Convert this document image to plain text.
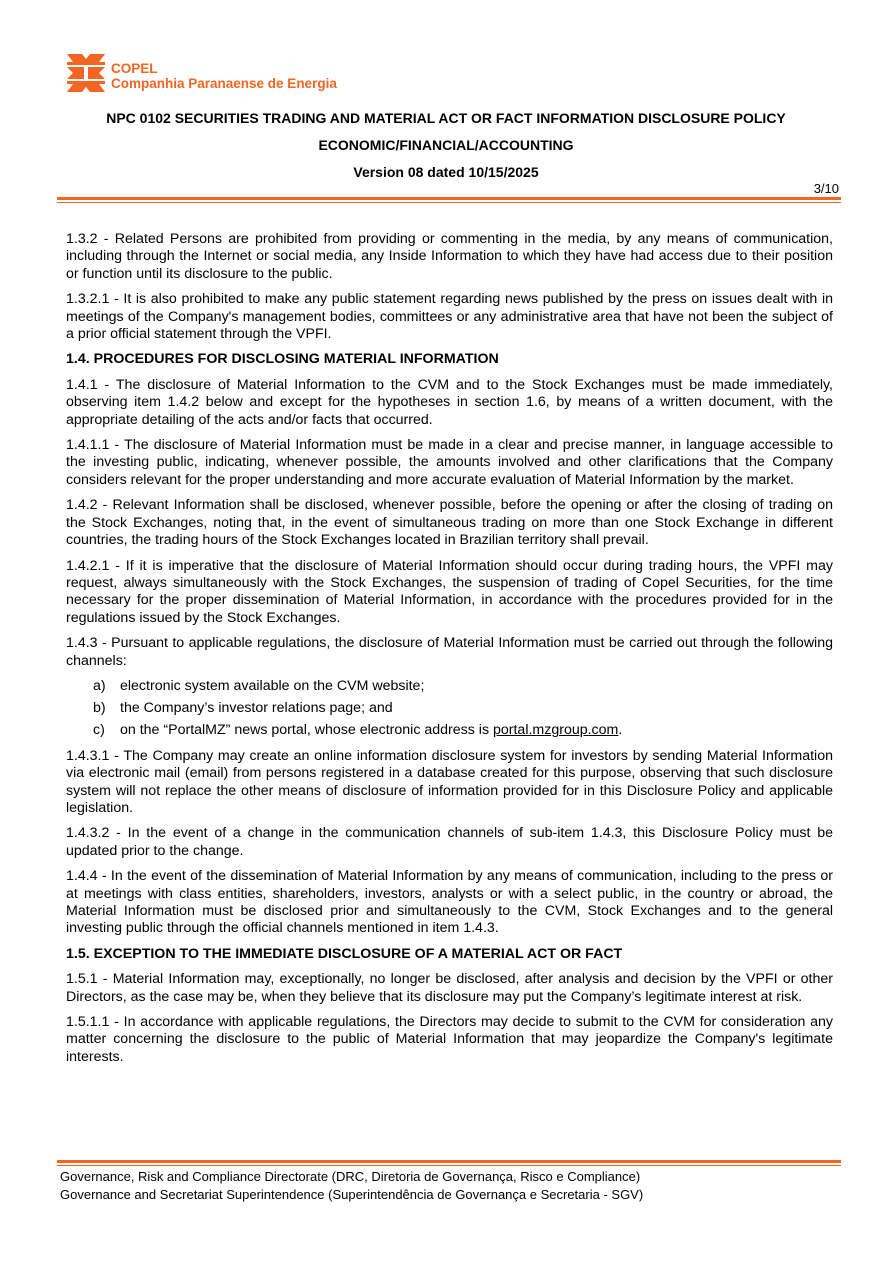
COPEL
Companhia Paranaense de Energia
NPC 0102 SECURITIES TRADING AND MATERIAL ACT OR FACT INFORMATION DISCLOSURE POLICY
ECONOMIC/FINANCIAL/ACCOUNTING
Version 08 dated 10/15/2025
3/10

1.3.2 - Related Persons are prohibited from providing or commenting in the media, by any means of communication, including through the Internet or social media, any Inside Information to which they have had access due to their position or function until its disclosure to the public.

1.3.2.1 - It is also prohibited to make any public statement regarding news published by the press on issues dealt with in meetings of the Company's management bodies, committees or any administrative area that have not been the subject of a prior official statement through the VPFI.

1.4. PROCEDURES FOR DISCLOSING MATERIAL INFORMATION

1.4.1 - The disclosure of Material Information to the CVM and to the Stock Exchanges must be made immediately, observing item 1.4.2 below and except for the hypotheses in section 1.6, by means of a written document, with the appropriate detailing of the acts and/or facts that occurred.

1.4.1.1 - The disclosure of Material Information must be made in a clear and precise manner, in language accessible to the investing public, indicating, whenever possible, the amounts involved and other clarifications that the Company considers relevant for the proper understanding and more accurate evaluation of Material Information by the market.

1.4.2 - Relevant Information shall be disclosed, whenever possible, before the opening or after the closing of trading on the Stock Exchanges, noting that, in the event of simultaneous trading on more than one Stock Exchange in different countries, the trading hours of the Stock Exchanges located in Brazilian territory shall prevail.

1.4.2.1 - If it is imperative that the disclosure of Material Information should occur during trading hours, the VPFI may request, always simultaneously with the Stock Exchanges, the suspension of trading of Copel Securities, for the time necessary for the proper dissemination of Material Information, in accordance with the procedures provided for in the regulations issued by the Stock Exchanges.

1.4.3 - Pursuant to applicable regulations, the disclosure of Material Information must be carried out through the following channels:

a) electronic system available on the CVM website;
b) the Company’s investor relations page; and
c) on the “PortalMZ” news portal, whose electronic address is portal.mzgroup.com.

1.4.3.1 - The Company may create an online information disclosure system for investors by sending Material Information via electronic mail (email) from persons registered in a database created for this purpose, observing that such disclosure system will not replace the other means of disclosure of information provided for in this Disclosure Policy and applicable legislation.

1.4.3.2 - In the event of a change in the communication channels of sub-item 1.4.3, this Disclosure Policy must be updated prior to the change.

1.4.4 - In the event of the dissemination of Material Information by any means of communication, including to the press or at meetings with class entities, shareholders, investors, analysts or with a select public, in the country or abroad, the Material Information must be disclosed prior and simultaneously to the CVM, Stock Exchanges and to the general investing public through the official channels mentioned in item 1.4.3.

1.5. EXCEPTION TO THE IMMEDIATE DISCLOSURE OF A MATERIAL ACT OR FACT

1.5.1 - Material Information may, exceptionally, no longer be disclosed, after analysis and decision by the VPFI or other Directors, as the case may be, when they believe that its disclosure may put the Company’s legitimate interest at risk.

1.5.1.1 - In accordance with applicable regulations, the Directors may decide to submit to the CVM for consideration any matter concerning the disclosure to the public of Material Information that may jeopardize the Company's legitimate interests.

Governance, Risk and Compliance Directorate (DRC, Diretoria de Governança, Risco e Compliance)
Governance and Secretariat Superintendence (Superintendência de Governança e Secretaria - SGV)
